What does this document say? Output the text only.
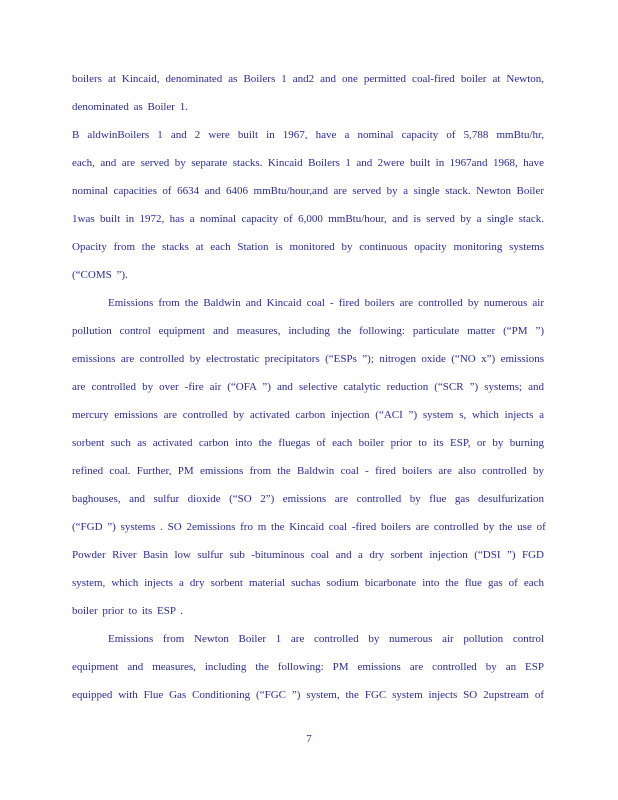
boilers at Kincaid, denominated as Boilers 1 and2 and one permitted coal-fired boiler at Newton,
denominated as Boiler 1.
B aldwinBoilers 1 and 2 were built in 1967, have a nominal capacity of 5,788 mmBtu/hr,
each, and are served by separate stacks. Kincaid Boilers 1 and 2were built in 1967and 1968, have
nominal capacities of 6634 and 6406 mmBtu/hour,and are served by a single stack. Newton Boiler
1was built in 1972, has a nominal capacity of 6,000 mmBtu/hour, and is served by a single stack.
Opacity from the stacks at each Station is monitored by continuous opacity monitoring systems
(“COMS ”).
Emissions from the Baldwin and Kincaid coal - fired boilers are controlled by numerous air
pollution control equipment and measures, including the following: particulate matter (“PM ”)
emissions are controlled by electrostatic precipitators (“ESPs ”); nitrogen oxide (“NO x”) emissions
are controlled by over -fire air (“OFA ”) and selective catalytic reduction (“SCR ”) systems; and
mercury emissions are controlled by activated carbon injection (“ACI ”) system s, which injects a
sorbent such as activated carbon into the fluegas of each boiler prior to its ESP, or by burning
refined coal. Further, PM emissions from the Baldwin coal - fired boilers are also controlled by
baghouses, and sulfur dioxide (“SO 2”) emissions are controlled by flue gas desulfurization
(“FGD ”) systems . SO 2emissions fro m the Kincaid coal -fired boilers are controlled by the use of
Powder River Basin low sulfur sub -bituminous coal and a dry sorbent injection (“DSI ”) FGD
system, which injects a dry sorbent material suchas sodium bicarbonate into the flue gas of each
boiler prior to its ESP .
Emissions from Newton Boiler 1 are controlled by numerous air pollution control
equipment and measures, including the following: PM emissions are controlled by an ESP
equipped with Flue Gas Conditioning (“FGC ”) system, the FGC system injects SO 2upstream of
7
